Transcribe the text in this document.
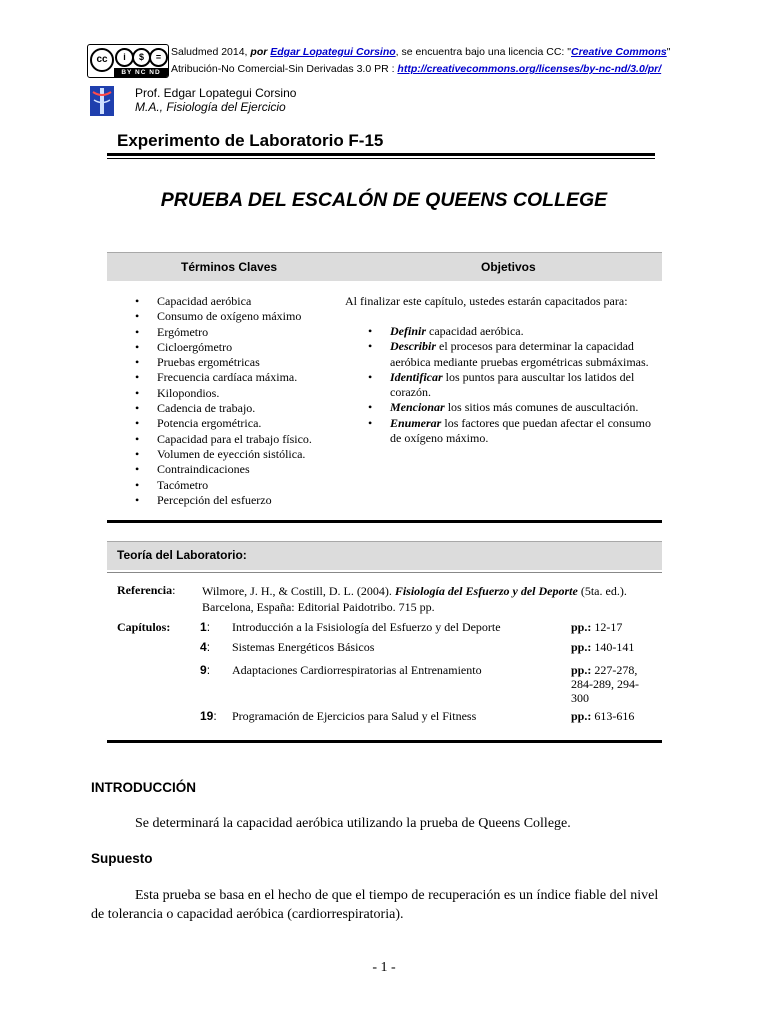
cc	i	$	=
BY NC ND
Saludmed 2014, por Edgar Lopategui Corsino, se encuentra bajo una licencia CC: "Creative Commons"
Atribución-No Comercial-Sin Derivadas 3.0 PR : http://creativecommons.org/licenses/by-nc-nd/3.0/pr/
Prof. Edgar Lopategui Corsino
M.A., Fisiología del Ejercicio
Experimento de Laboratorio F-15
PRUEBA DEL ESCALÓN DE QUEENS COLLEGE
Términos Claves	Objetivos
• Capacidad aeróbica
• Consumo de oxígeno máximo
• Ergómetro
• Cicloergómetro
• Pruebas ergométricas
• Frecuencia cardíaca máxima.
• Kilopondios.
• Cadencia de trabajo.
• Potencia ergométrica.
• Capacidad para el trabajo físico.
• Volumen de eyección sistólica.
• Contraindicaciones
• Tacómetro
• Percepción del esfuerzo
Al finalizar este capítulo, ustedes estarán capacitados para:
• Definir capacidad aeróbica.
• Describir el procesos para determinar la capacidad aeróbica mediante pruebas ergométricas submáximas.
• Identificar los puntos para auscultar los latidos del corazón.
• Mencionar los sitios más comunes de auscultación.
• Enumerar los factores que puedan afectar el consumo de oxígeno máximo.
Teoría del Laboratorio:
Referencia: Wilmore, J. H., & Costill, D. L. (2004). Fisiología del Esfuerzo y del Deporte (5ta. ed.). Barcelona, España: Editorial Paidotribo. 715 pp.
Capítulos: 1:	Introducción a la Fsisiología del Esfuerzo y del Deporte	pp.: 12-17
4:	Sistemas Energéticos Básicos	pp.: 140-141
9:	Adaptaciones Cardiorrespiratorias al Entrenamiento	pp.: 227-278, 284-289, 294-300
19:	Programación de Ejercicios para Salud y el Fitness	pp.: 613-616
INTRODUCCIÓN
Se determinará la capacidad aeróbica utilizando la prueba de Queens College.
Supuesto
Esta prueba se basa en el hecho de que el tiempo de recuperación es un índice fiable del nivel de tolerancia o capacidad aeróbica (cardiorrespiratoria).
- 1 -
